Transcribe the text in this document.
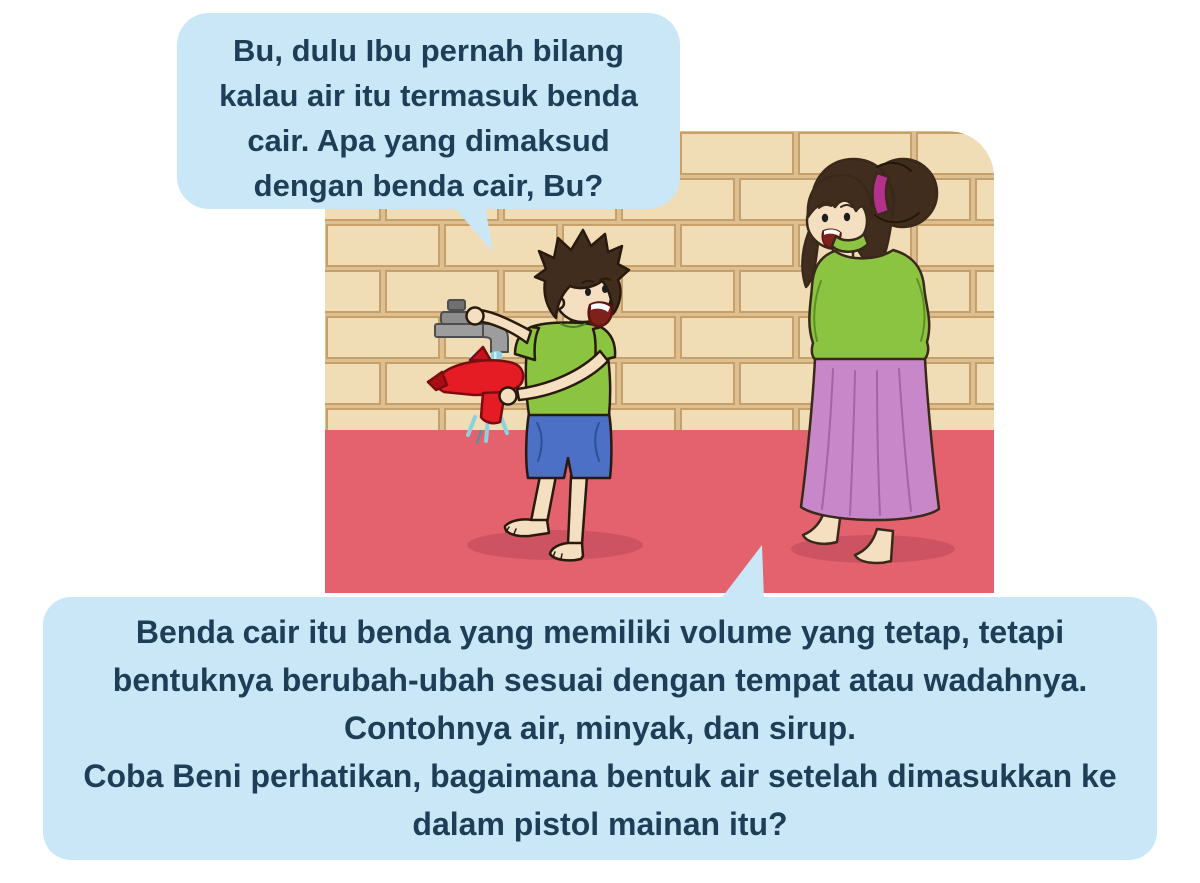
Bu, dulu Ibu pernah bilang
kalau air itu termasuk benda
cair. Apa yang dimaksud
dengan benda cair, Bu?
Benda cair itu benda yang memiliki volume yang tetap, tetapi
bentuknya berubah-ubah sesuai dengan tempat atau wadahnya.
Contohnya air, minyak, dan sirup.
Coba Beni perhatikan, bagaimana bentuk air setelah dimasukkan ke
dalam pistol mainan itu?
